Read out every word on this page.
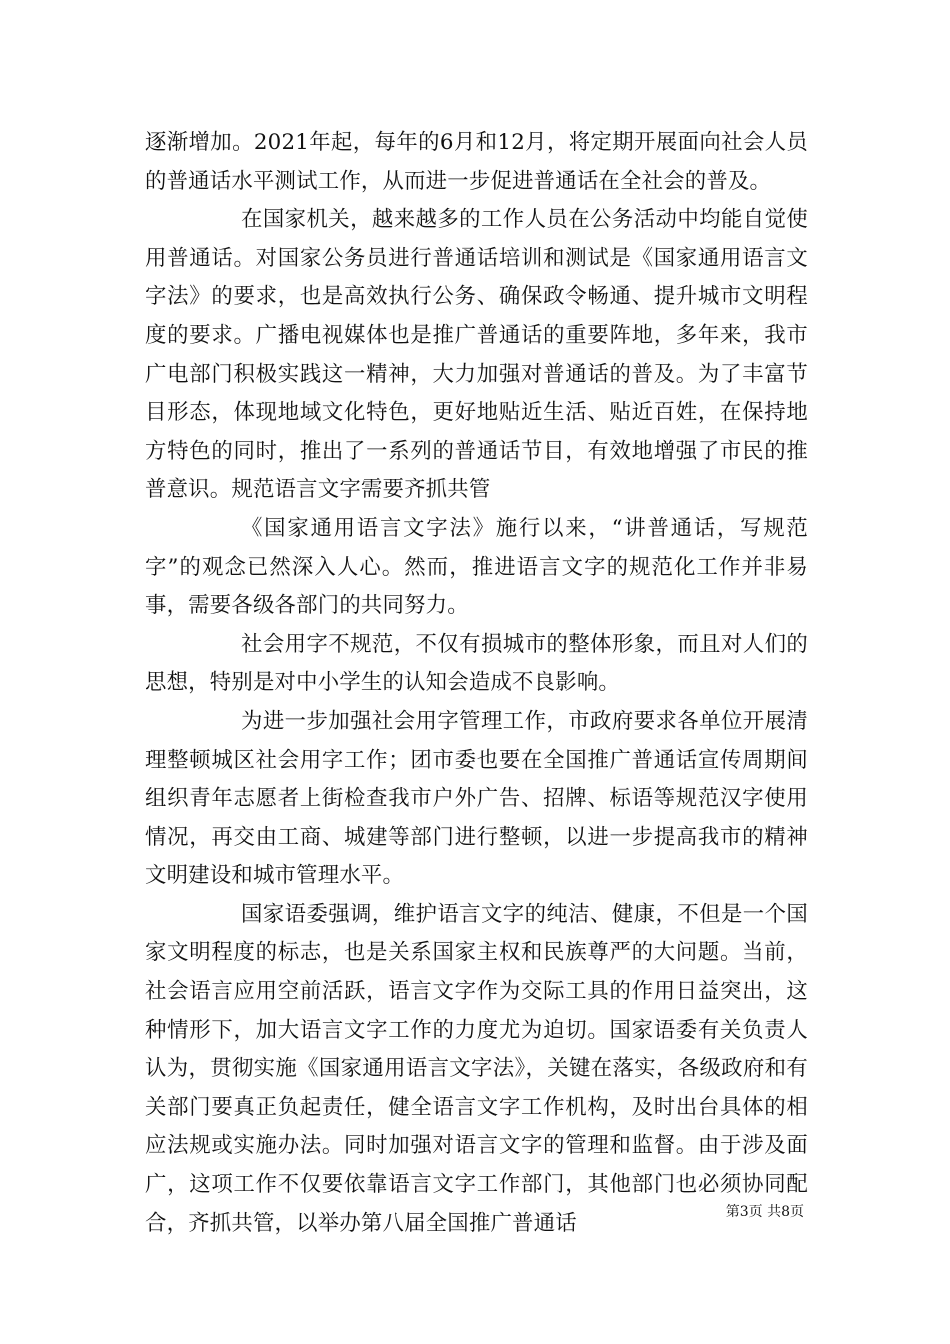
逐渐增加。2021年起，每年的6月和12月，将定期开展面向社会人员的普通话水平测试工作，从而进一步促进普通话在全社会的普及。

在国家机关，越来越多的工作人员在公务活动中均能自觉使用普通话。对国家公务员进行普通话培训和测试是《国家通用语言文字法》的要求，也是高效执行公务、确保政令畅通、提升城市文明程度的要求。广播电视媒体也是推广普通话的重要阵地，多年来，我市广电部门积极实践这一精神，大力加强对普通话的普及。为了丰富节目形态，体现地域文化特色，更好地贴近生活、贴近百姓，在保持地方特色的同时，推出了一系列的普通话节目，有效地增强了市民的推普意识。规范语言文字需要齐抓共管

《国家通用语言文字法》施行以来，“讲普通话，写规范字”的观念已然深入人心。然而，推进语言文字的规范化工作并非易事，需要各级各部门的共同努力。

社会用字不规范，不仅有损城市的整体形象，而且对人们的思想，特别是对中小学生的认知会造成不良影响。

为进一步加强社会用字管理工作，市政府要求各单位开展清理整顿城区社会用字工作；团市委也要在全国推广普通话宣传周期间组织青年志愿者上街检查我市户外广告、招牌、标语等规范汉字使用情况，再交由工商、城建等部门进行整顿，以进一步提高我市的精神文明建设和城市管理水平。

国家语委强调，维护语言文字的纯洁、健康，不但是一个国家文明程度的标志，也是关系国家主权和民族尊严的大问题。当前，社会语言应用空前活跃，语言文字作为交际工具的作用日益突出，这种情形下，加大语言文字工作的力度尤为迫切。国家语委有关负责人认为，贯彻实施《国家通用语言文字法》，关键在落实，各级政府和有关部门要真正负起责任，健全语言文字工作机构，及时出台具体的相应法规或实施办法。同时加强对语言文字的管理和监督。由于涉及面广，这项工作不仅要依靠语言文字工作部门，其他部门也必须协同配合，齐抓共管，以举办第八届全国推广普通话	第3页 共8页
